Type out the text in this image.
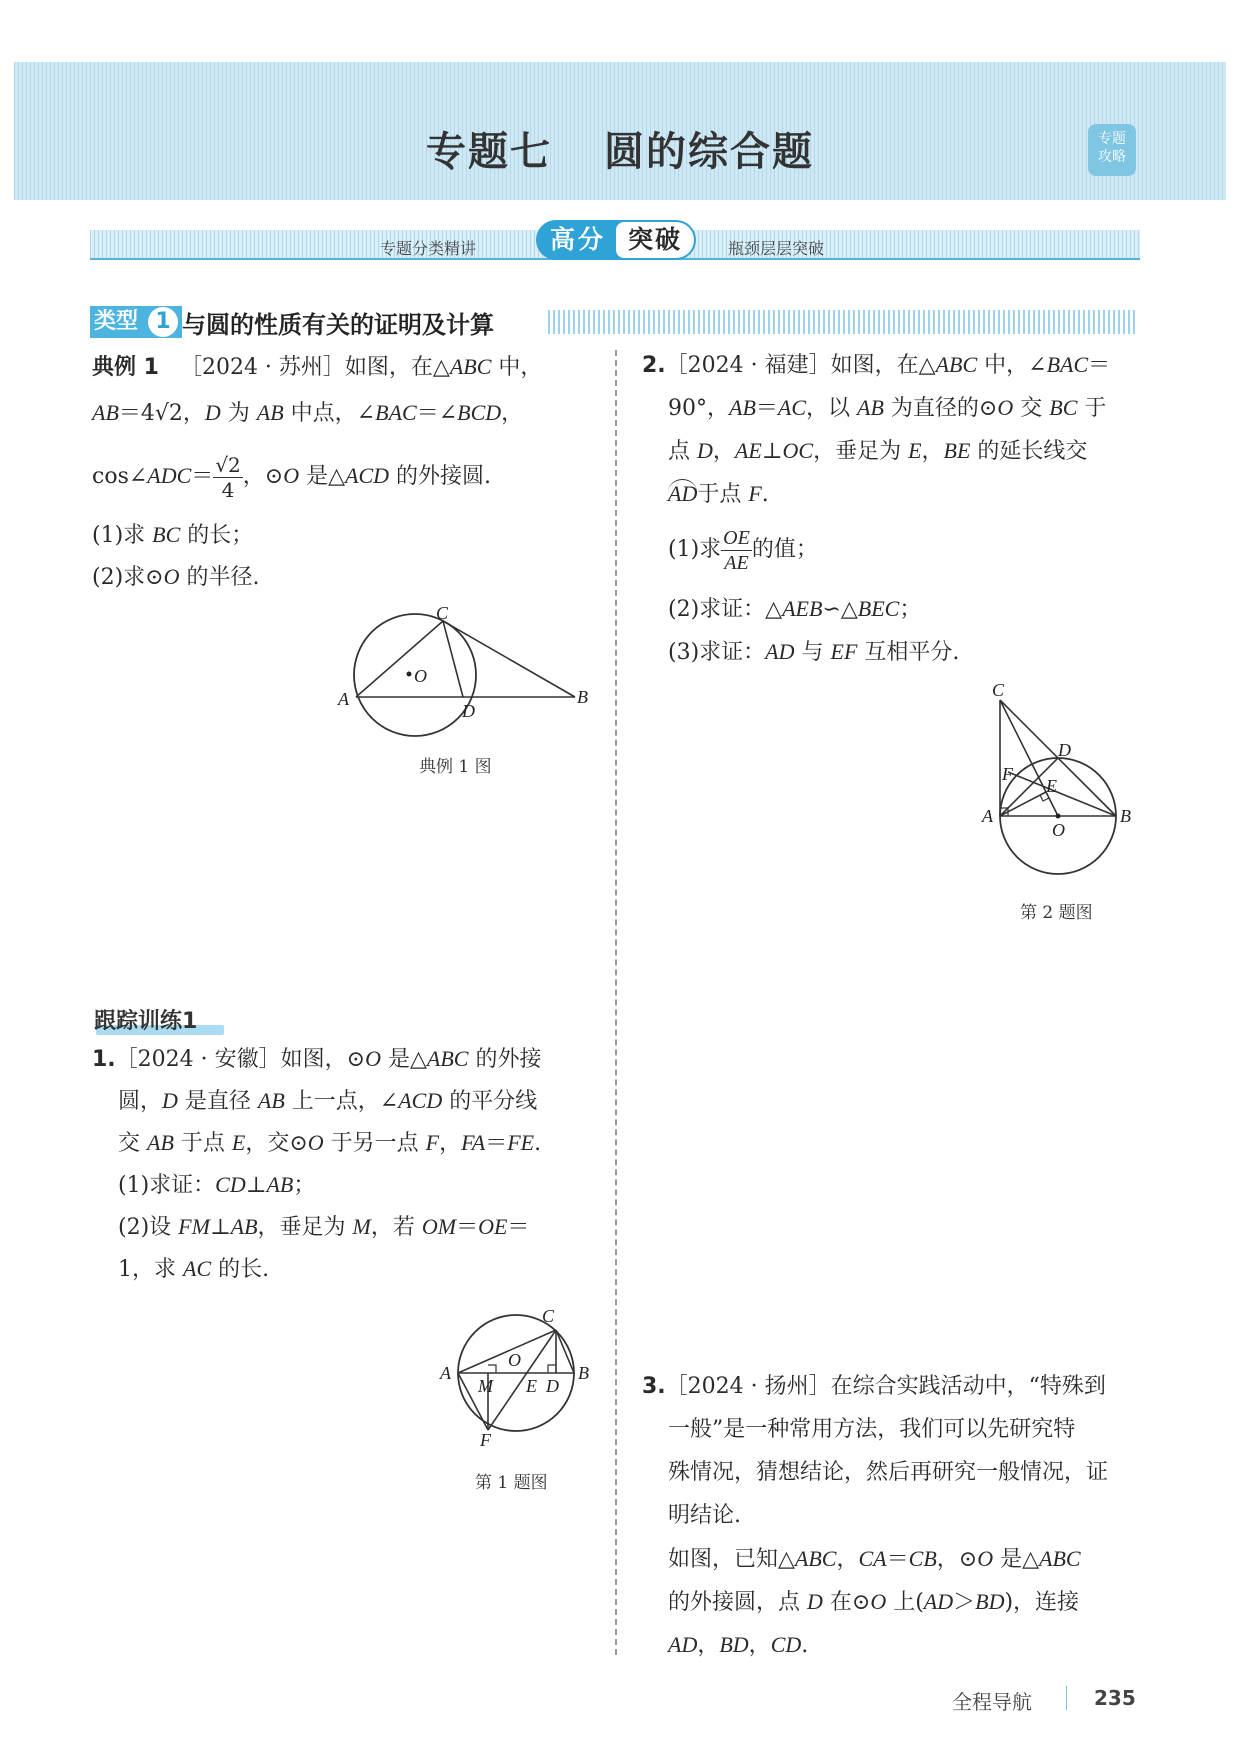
专题七 圆的综合题	专题
攻略
专题分类精讲	高分 突破	瓶颈层层突破
类型 1 与圆的性质有关的证明及计算
典例 1 ［2024 · 苏州］如图，在△ABC 中，
AB＝4√2，D 为 AB 中点，∠BAC＝∠BCD，
cos∠ADC＝ $\frac{√2}{4}$ ，⊙O 是△ACD 的外接圆.
(1)求 BC 的长；
(2)求⊙O 的半径.
C
A
D
B
O
典例 1 图
跟踪训练1
1.［2024 · 安徽］如图，⊙O 是△ABC 的外接
圆，D 是直径 AB 上一点，∠ACD 的平分线
交 AB 于点 E，交⊙O 于另一点 F，FA＝FE.
(1)求证：CD⊥AB；
(2)设 FM⊥AB，垂足为 M，若 OM＝OE＝
1，求 AC 的长.
C
A
O
M E D
B
F
第 1 题图
2.［2024 · 福建］如图，在△ABC 中，∠BAC＝
90°，AB＝AC，以 AB 为直径的⊙O 交 BC 于
点 D，AE⊥OC，垂足为 E，BE 的延长线交
AD于点 F.
(1)求 $\frac{OE}{AE}$ 的值；
(2)求证：△AEB∽△BEC；
(3)求证：AD 与 EF 互相平分.
C
D
F
E
A
O
B
第 2 题图
3.［2024 · 扬州］在综合实践活动中，“特殊到
一般”是一种常用方法，我们可以先研究特
殊情况，猜想结论，然后再研究一般情况，证
明结论.
如图，已知△ABC，CA＝CB，⊙O 是△ABC
的外接圆，点 D 在⊙O 上(AD＞BD)，连接
AD，BD，CD.
全程导航	235
